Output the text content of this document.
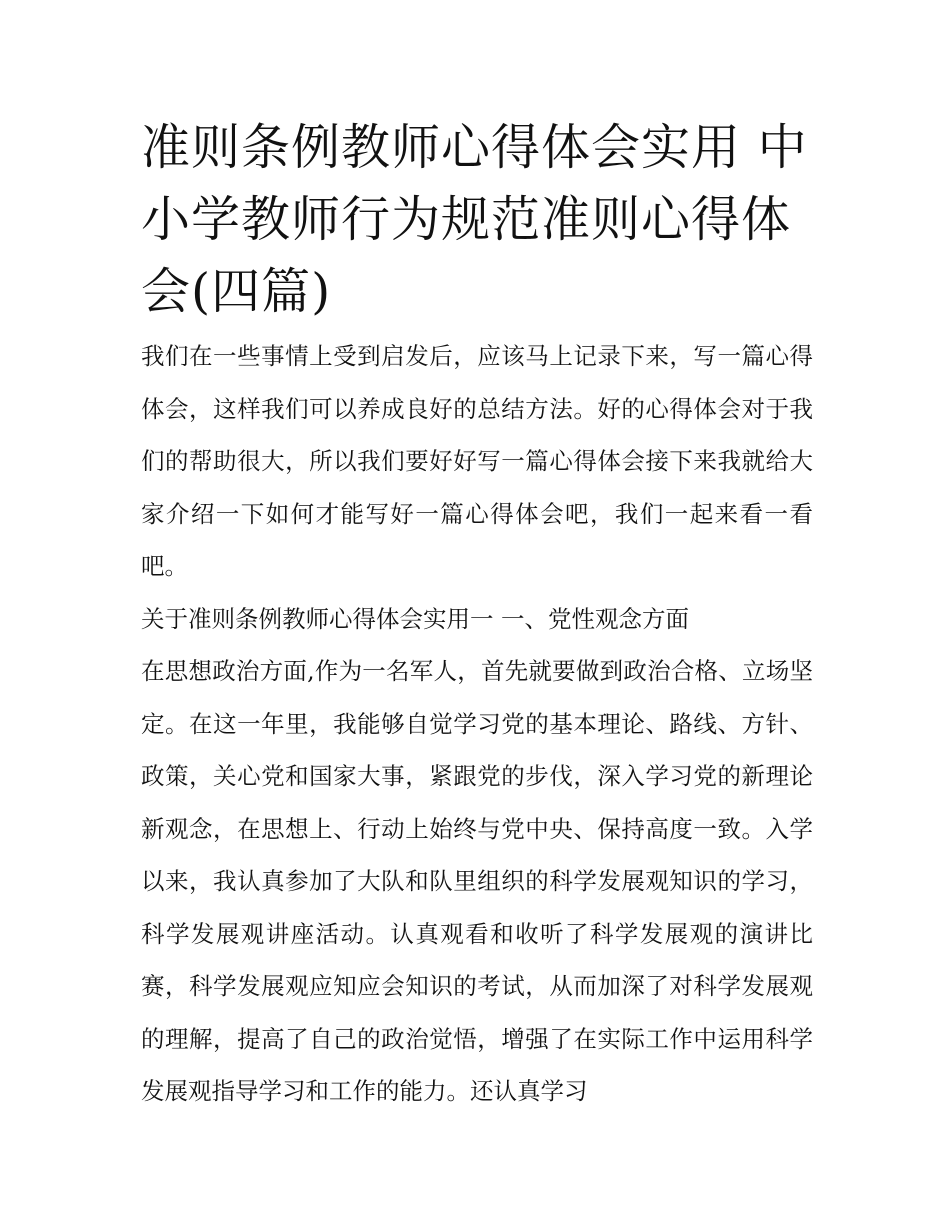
准则条例教师心得体会实用 中小学教师行为规范准则心得体会(四篇)

我们在一些事情上受到启发后，应该马上记录下来，写一篇心得体会，这样我们可以养成良好的总结方法。好的心得体会对于我们的帮助很大，所以我们要好好写一篇心得体会接下来我就给大家介绍一下如何才能写好一篇心得体会吧，我们一起来看一看吧。

关于准则条例教师心得体会实用一 一、党性观念方面

在思想政治方面,作为一名军人，首先就要做到政治合格、立场坚定。在这一年里，我能够自觉学习党的基本理论、路线、方针、政策，关心党和国家大事，紧跟党的步伐，深入学习党的新理论新观念，在思想上、行动上始终与党中央、保持高度一致。入学以来，我认真参加了大队和队里组织的科学发展观知识的学习，科学发展观讲座活动。认真观看和收听了科学发展观的演讲比赛，科学发展观应知应会知识的考试，从而加深了对科学发展观的理解，提高了自己的政治觉悟，增强了在实际工作中运用科学发展观指导学习和工作的能力。还认真学习
